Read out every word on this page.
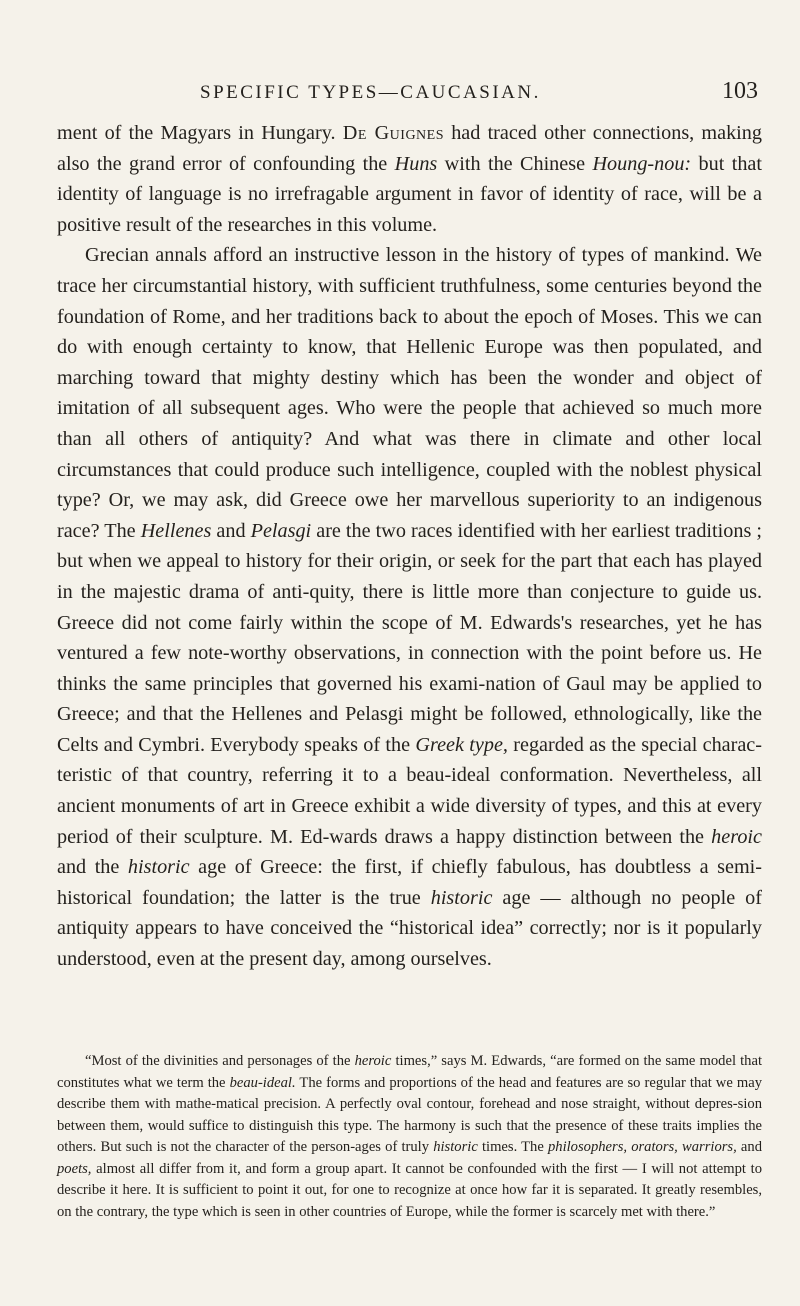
SPECIFIC TYPES—CAUCASIAN.	103

ment of the Magyars in Hungary. De Guignes had traced other connections, making also the grand error of confounding the Huns with the Chinese Houng-nou: but that identity of language is no irrefragable argument in favor of identity of race, will be a positive result of the researches in this volume.

Grecian annals afford an instructive lesson in the history of types of mankind. We trace her circumstantial history, with sufficient truthfulness, some centuries beyond the foundation of Rome, and her traditions back to about the epoch of Moses. This we can do with enough certainty to know, that Hellenic Europe was then populated, and marching toward that mighty destiny which has been the wonder and object of imitation of all subsequent ages. Who were the people that achieved so much more than all others of antiquity? And what was there in climate and other local circumstances that could produce such intelligence, coupled with the noblest physical type? Or, we may ask, did Greece owe her marvellous superiority to an indigenous race? The Hellenes and Pelasgi are the two races identified with her earliest traditions ; but when we appeal to history for their origin, or seek for the part that each has played in the majestic drama of anti-quity, there is little more than conjecture to guide us. Greece did not come fairly within the scope of M. Edwards's researches, yet he has ventured a few note-worthy observations, in connection with the point before us. He thinks the same principles that governed his exami-nation of Gaul may be applied to Greece; and that the Hellenes and Pelasgi might be followed, ethnologically, like the Celts and Cymbri. Everybody speaks of the Greek type, regarded as the special charac-teristic of that country, referring it to a beau-ideal conformation. Nevertheless, all ancient monuments of art in Greece exhibit a wide diversity of types, and this at every period of their sculpture. M. Ed-wards draws a happy distinction between the heroic and the historic age of Greece: the first, if chiefly fabulous, has doubtless a semi-historical foundation; the latter is the true historic age — although no people of antiquity appears to have conceived the “historical idea” correctly; nor is it popularly understood, even at the present day, among ourselves.

“Most of the divinities and personages of the heroic times,” says M. Edwards, “are formed on the same model that constitutes what we term the beau-ideal. The forms and proportions of the head and features are so regular that we may describe them with mathe-matical precision. A perfectly oval contour, forehead and nose straight, without depres-sion between them, would suffice to distinguish this type. The harmony is such that the presence of these traits implies the others. But such is not the character of the person-ages of truly historic times. The philosophers, orators, warriors, and poets, almost all differ from it, and form a group apart. It cannot be confounded with the first — I will not attempt to describe it here. It is sufficient to point it out, for one to recognize at once how far it is separated. It greatly resembles, on the contrary, the type which is seen in other countries of Europe, while the former is scarcely met with there.”
